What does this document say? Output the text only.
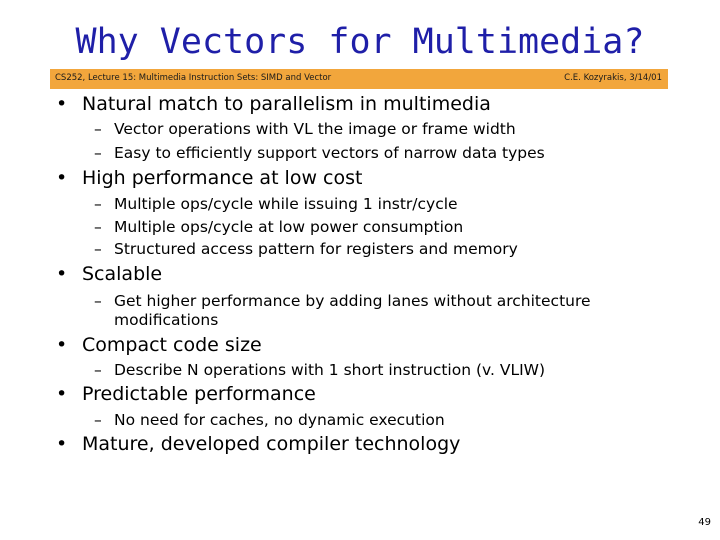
Why Vectors for Multimedia?
CS252, Lecture 15: Multimedia Instruction Sets: SIMD and Vector	C.E. Kozyrakis, 3/14/01
• Natural match to parallelism in multimedia
– Vector operations with VL the image or frame width
– Easy to efficiently support vectors of narrow data types
• High performance at low cost
– Multiple ops/cycle while issuing 1 instr/cycle
– Multiple ops/cycle at low power consumption
– Structured access pattern for registers and memory
• Scalable
– Get higher performance by adding lanes without architecture
modifications
• Compact code size
– Describe N operations with 1 short instruction (v. VLIW)
• Predictable performance
– No need for caches, no dynamic execution
• Mature, developed compiler technology
49
